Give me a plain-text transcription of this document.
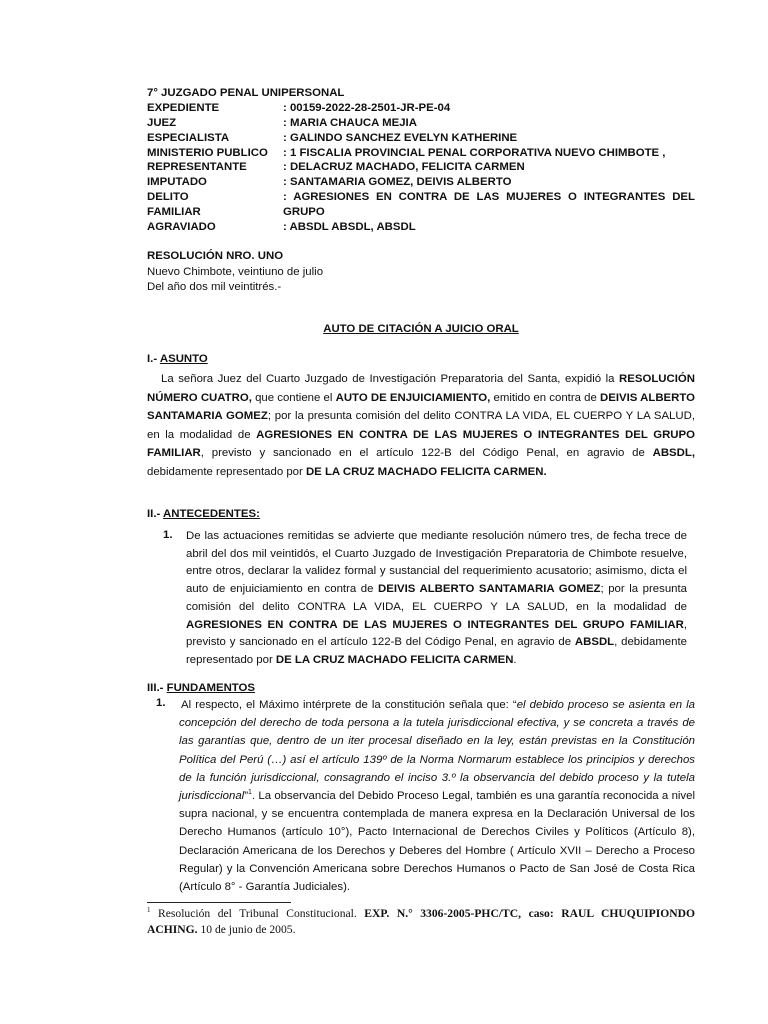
7° JUZGADO PENAL UNIPERSONAL
EXPEDIENTE	: 00159-2022-28-2501-JR-PE-04
JUEZ	: MARIA CHAUCA MEJIA
ESPECIALISTA	: GALINDO SANCHEZ EVELYN KATHERINE
MINISTERIO PUBLICO : 1 FISCALIA PROVINCIAL PENAL CORPORATIVA NUEVO CHIMBOTE ,
REPRESENTANTE	: DELACRUZ MACHADO, FELICITA CARMEN
IMPUTADO	: SANTAMARIA GOMEZ, DEIVIS ALBERTO
DELITO	: AGRESIONES EN CONTRA DE LAS MUJERES O INTEGRANTES DEL GRUPO
FAMILIAR
AGRAVIADO	: ABSDL ABSDL, ABSDL
RESOLUCIÓN NRO. UNO
Nuevo Chimbote, veintiuno de julio
Del año dos mil veintitrés.-
AUTO DE CITACIÓN A JUICIO ORAL
I.- ASUNTO
La señora Juez del Cuarto Juzgado de Investigación Preparatoria del Santa, expidió la RESOLUCIÓN NÚMERO CUATRO, que contiene el AUTO DE ENJUICIAMIENTO, emitido en contra de DEIVIS ALBERTO SANTAMARIA GOMEZ; por la presunta comisión del delito CONTRA LA VIDA, EL CUERPO Y LA SALUD, en la modalidad de AGRESIONES EN CONTRA DE LAS MUJERES O INTEGRANTES DEL GRUPO FAMILIAR, previsto y sancionado en el artículo 122-B del Código Penal, en agravio de ABSDL, debidamente representado por DE LA CRUZ MACHADO FELICITA CARMEN.
II.- ANTECEDENTES:
1. De las actuaciones remitidas se advierte que mediante resolución número tres, de fecha trece de abril del dos mil veintidós, el Cuarto Juzgado de Investigación Preparatoria de Chimbote resuelve, entre otros, declarar la validez formal y sustancial del requerimiento acusatorio; asimismo, dicta el auto de enjuiciamiento en contra de DEIVIS ALBERTO SANTAMARIA GOMEZ; por la presunta comisión del delito CONTRA LA VIDA, EL CUERPO Y LA SALUD, en la modalidad de AGRESIONES EN CONTRA DE LAS MUJERES O INTEGRANTES DEL GRUPO FAMILIAR, previsto y sancionado en el artículo 122-B del Código Penal, en agravio de ABSDL, debidamente representado por DE LA CRUZ MACHADO FELICITA CARMEN.
III.- FUNDAMENTOS
1. Al respecto, el Máximo intérprete de la constitución señala que: “el debido proceso se asienta en la concepción del derecho de toda persona a la tutela jurisdiccional efectiva, y se concreta a través de las garantías que, dentro de un iter procesal diseñado en la ley, están previstas en la Constitución Política del Perú (…) así el artículo 139º de la Norma Normarum establece los principios y derechos de la función jurisdiccional, consagrando el inciso 3.º la observancia del debido proceso y la tutela jurisdiccional”$^1$. La observancia del Debido Proceso Legal, también es una garantía reconocida a nivel supra nacional, y se encuentra contemplada de manera expresa en la Declaración Universal de los Derecho Humanos (artículo 10°), Pacto Internacional de Derechos Civiles y Políticos (Artículo 8), Declaración Americana de los Derechos y Deberes del Hombre ( Artículo XVII – Derecho a Proceso Regular) y la Convención Americana sobre Derechos Humanos o Pacto de San José de Costa Rica (Artículo 8° - Garantía Judiciales).
$^1$ Resolución del Tribunal Constitucional. EXP. N.° 3306-2005-PHC/TC, caso: RAUL CHUQUIPIONDO ACHING. 10 de junio de 2005.
